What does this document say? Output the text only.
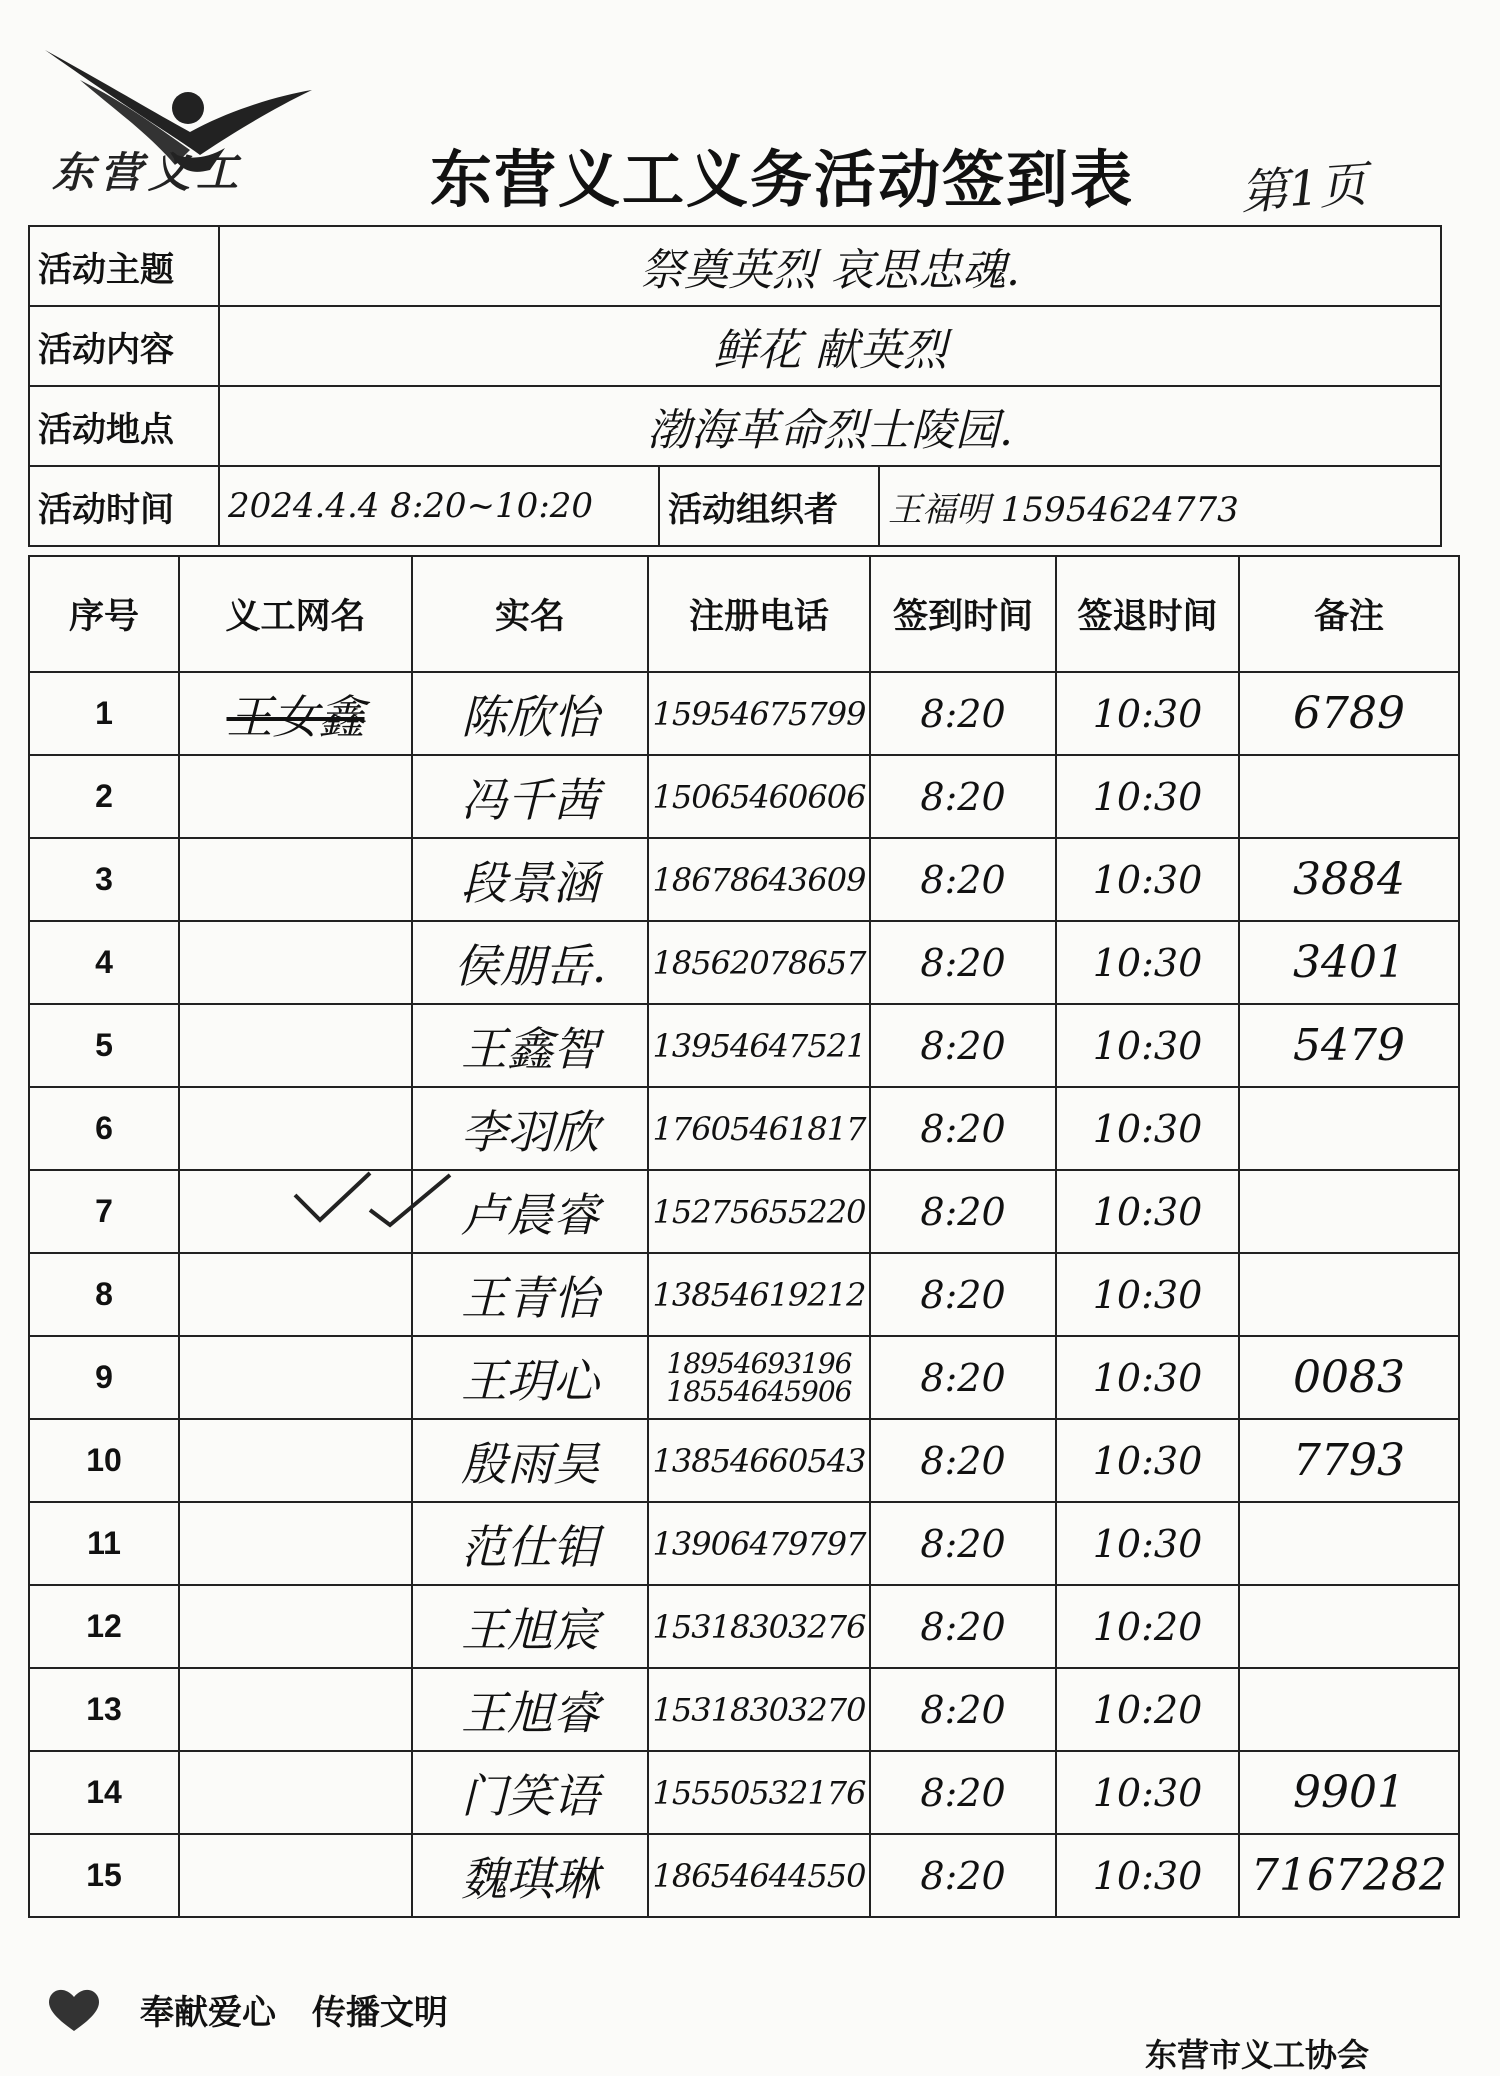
东营义工	东营义工义务活动签到表 第1页
活动主题	祭奠英烈 哀思忠魂.		

活动内容	鲜花 献英烈		

活动地点	渤海革命烈士陵园.		

活动时间	2024.4.4 8:20~10:20	活动组织者	王福明 15954624773
序号	义工网名	实名	注册电话	签到时间	签退时间	备注
1	王女鑫	陈欣怡	15954675799	8:20	10:30	6789
2		冯千茜	15065460606	8:20	10:30	
3		段景涵	18678643609	8:20	10:30	3884
4		侯朋岳.	18562078657	8:20	10:30	3401
5		王鑫智	13954647521	8:20	10:30	5479
6		李羽欣	17605461817	8:20	10:30	
7		卢晨睿	15275655220	8:20	10:30	
8		王青怡	13854619212	8:20	10:30	
9		王玥心	18954693196
18554645906	8:20	10:30	0083
10		殷雨昊	13854660543	8:20	10:30	7793
11		范仕钼	13906479797	8:20	10:30	
12		王旭宸	15318303276	8:20	10:20	
13		王旭睿	15318303270	8:20	10:20	
14		门笑语	15550532176	8:20	10:30	9901
15		魏琪琳	18654644550	8:20	10:30	7167282
奉献爱心 传播文明
东营市义工协会
